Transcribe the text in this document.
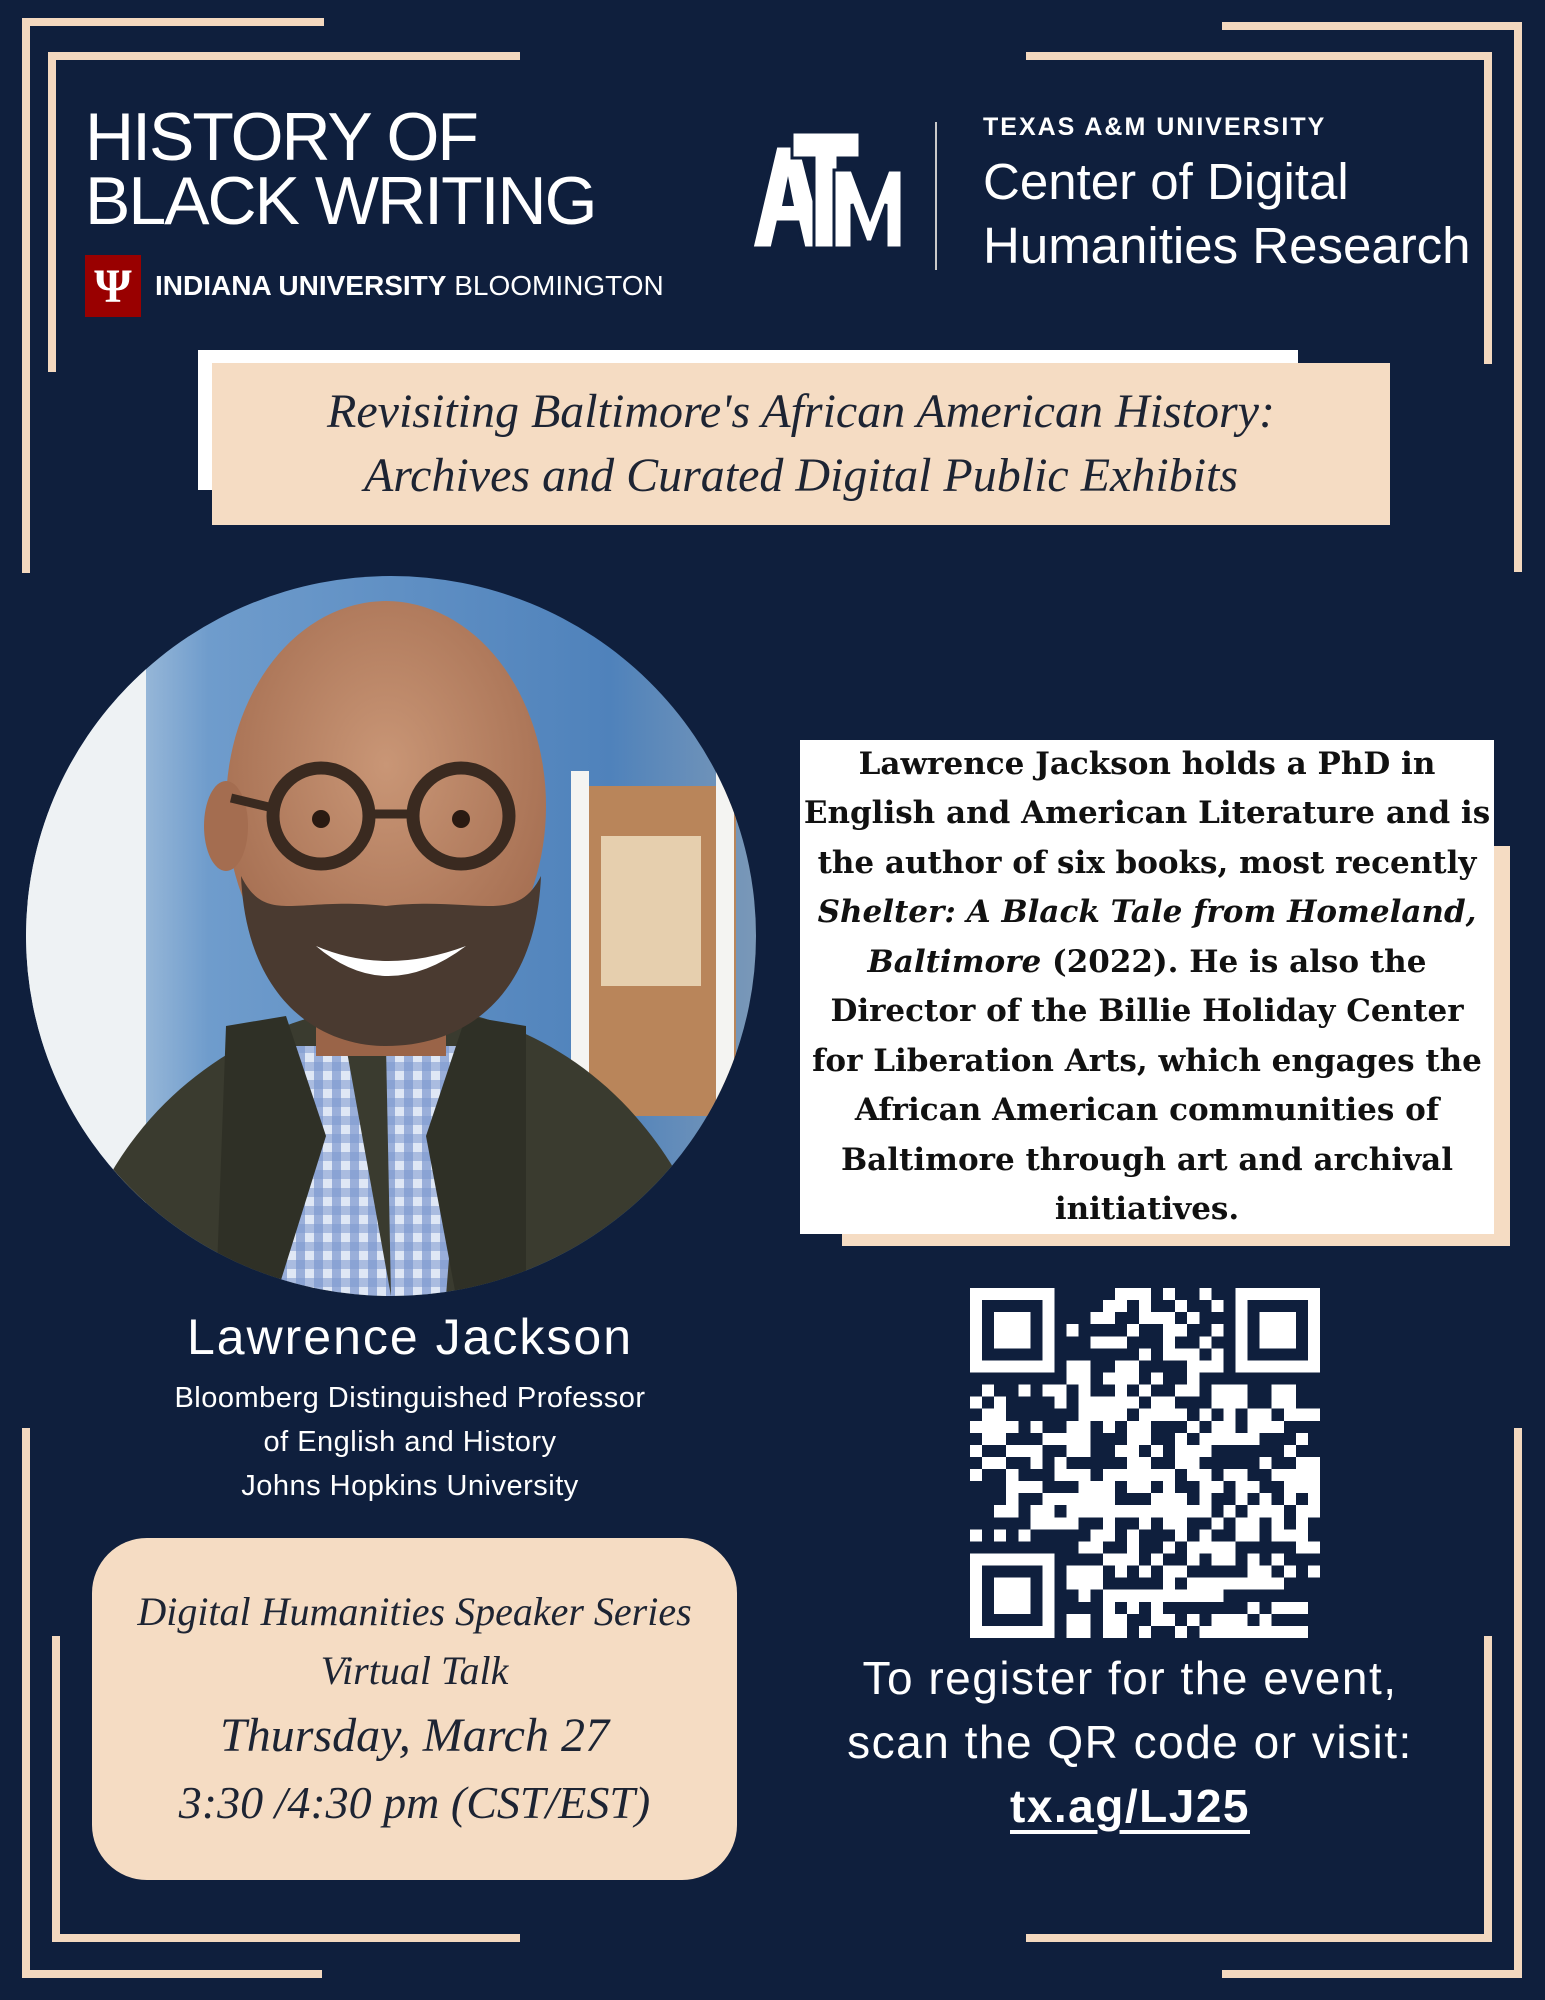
HISTORY OF
BLACK WRITING
Ψ INDIANA UNIVERSITY BLOOMINGTON
TEXAS A&M UNIVERSITY
Center of Digital
Humanities Research
Revisiting Baltimore's African American History:
Archives and Curated Digital Public Exhibits
Lawrence Jackson holds a PhD in English and American Literature and is the author of six books, most recently Shelter: A Black Tale from Homeland, Baltimore (2022). He is also the Director of the Billie Holiday Center for Liberation Arts, which engages the African American communities of Baltimore through art and archival initiatives.
Lawrence Jackson
Bloomberg Distinguished Professor
of English and History
Johns Hopkins University
Digital Humanities Speaker Series
Virtual Talk
Thursday, March 27
3:30 /4:30 pm (CST/EST)
To register for the event,
scan the QR code or visit:
tx.ag/LJ25
